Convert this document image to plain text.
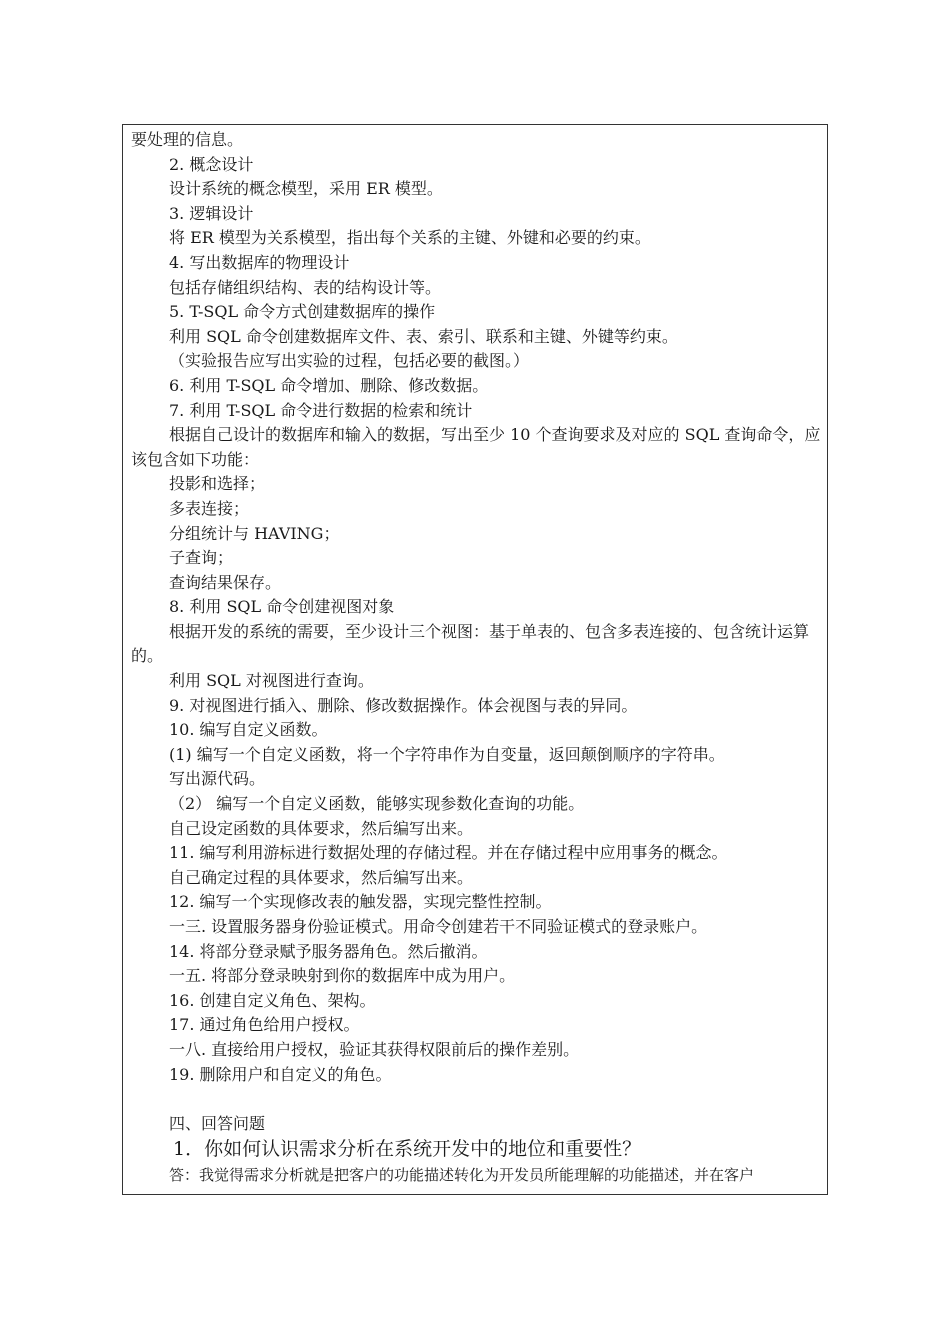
要处理的信息。
2. 概念设计
设计系统的概念模型，采用 ER 模型。
3. 逻辑设计
将 ER 模型为关系模型，指出每个关系的主键、外键和必要的约束。
4. 写出数据库的物理设计
包括存储组织结构、表的结构设计等。
5. T-SQL 命令方式创建数据库的操作
利用 SQL 命令创建数据库文件、表、索引、联系和主键、外键等约束。
（实验报告应写出实验的过程，包括必要的截图。）
6. 利用 T-SQL 命令增加、删除、修改数据。
7. 利用 T-SQL 命令进行数据的检索和统计
根据自己设计的数据库和输入的数据，写出至少 10 个查询要求及对应的 SQL 查询命令，应该包含如下功能：
投影和选择；
多表连接；
分组统计与 HAVING；
子查询；
查询结果保存。
8. 利用 SQL 命令创建视图对象
根据开发的系统的需要，至少设计三个视图：基于单表的、包含多表连接的、包含统计运算的。
利用 SQL 对视图进行查询。
9. 对视图进行插入、删除、修改数据操作。体会视图与表的异同。
10. 编写自定义函数。
(1) 编写一个自定义函数，将一个字符串作为自变量，返回颠倒顺序的字符串。
写出源代码。
（2） 编写一个自定义函数，能够实现参数化查询的功能。
自己设定函数的具体要求，然后编写出来。
11. 编写利用游标进行数据处理的存储过程。并在存储过程中应用事务的概念。
自己确定过程的具体要求，然后编写出来。
12. 编写一个实现修改表的触发器，实现完整性控制。
一三. 设置服务器身份验证模式。用命令创建若干不同验证模式的登录账户。
14. 将部分登录赋予服务器角色。然后撤消。
一五. 将部分登录映射到你的数据库中成为用户。
16. 创建自定义角色、架构。
17. 通过角色给用户授权。
一八. 直接给用户授权，验证其获得权限前后的操作差别。
19. 删除用户和自定义的角色。
四、回答问题
1．你如何认识需求分析在系统开发中的地位和重要性？
答：我觉得需求分析就是把客户的功能描述转化为开发员所能理解的功能描述，并在客户
